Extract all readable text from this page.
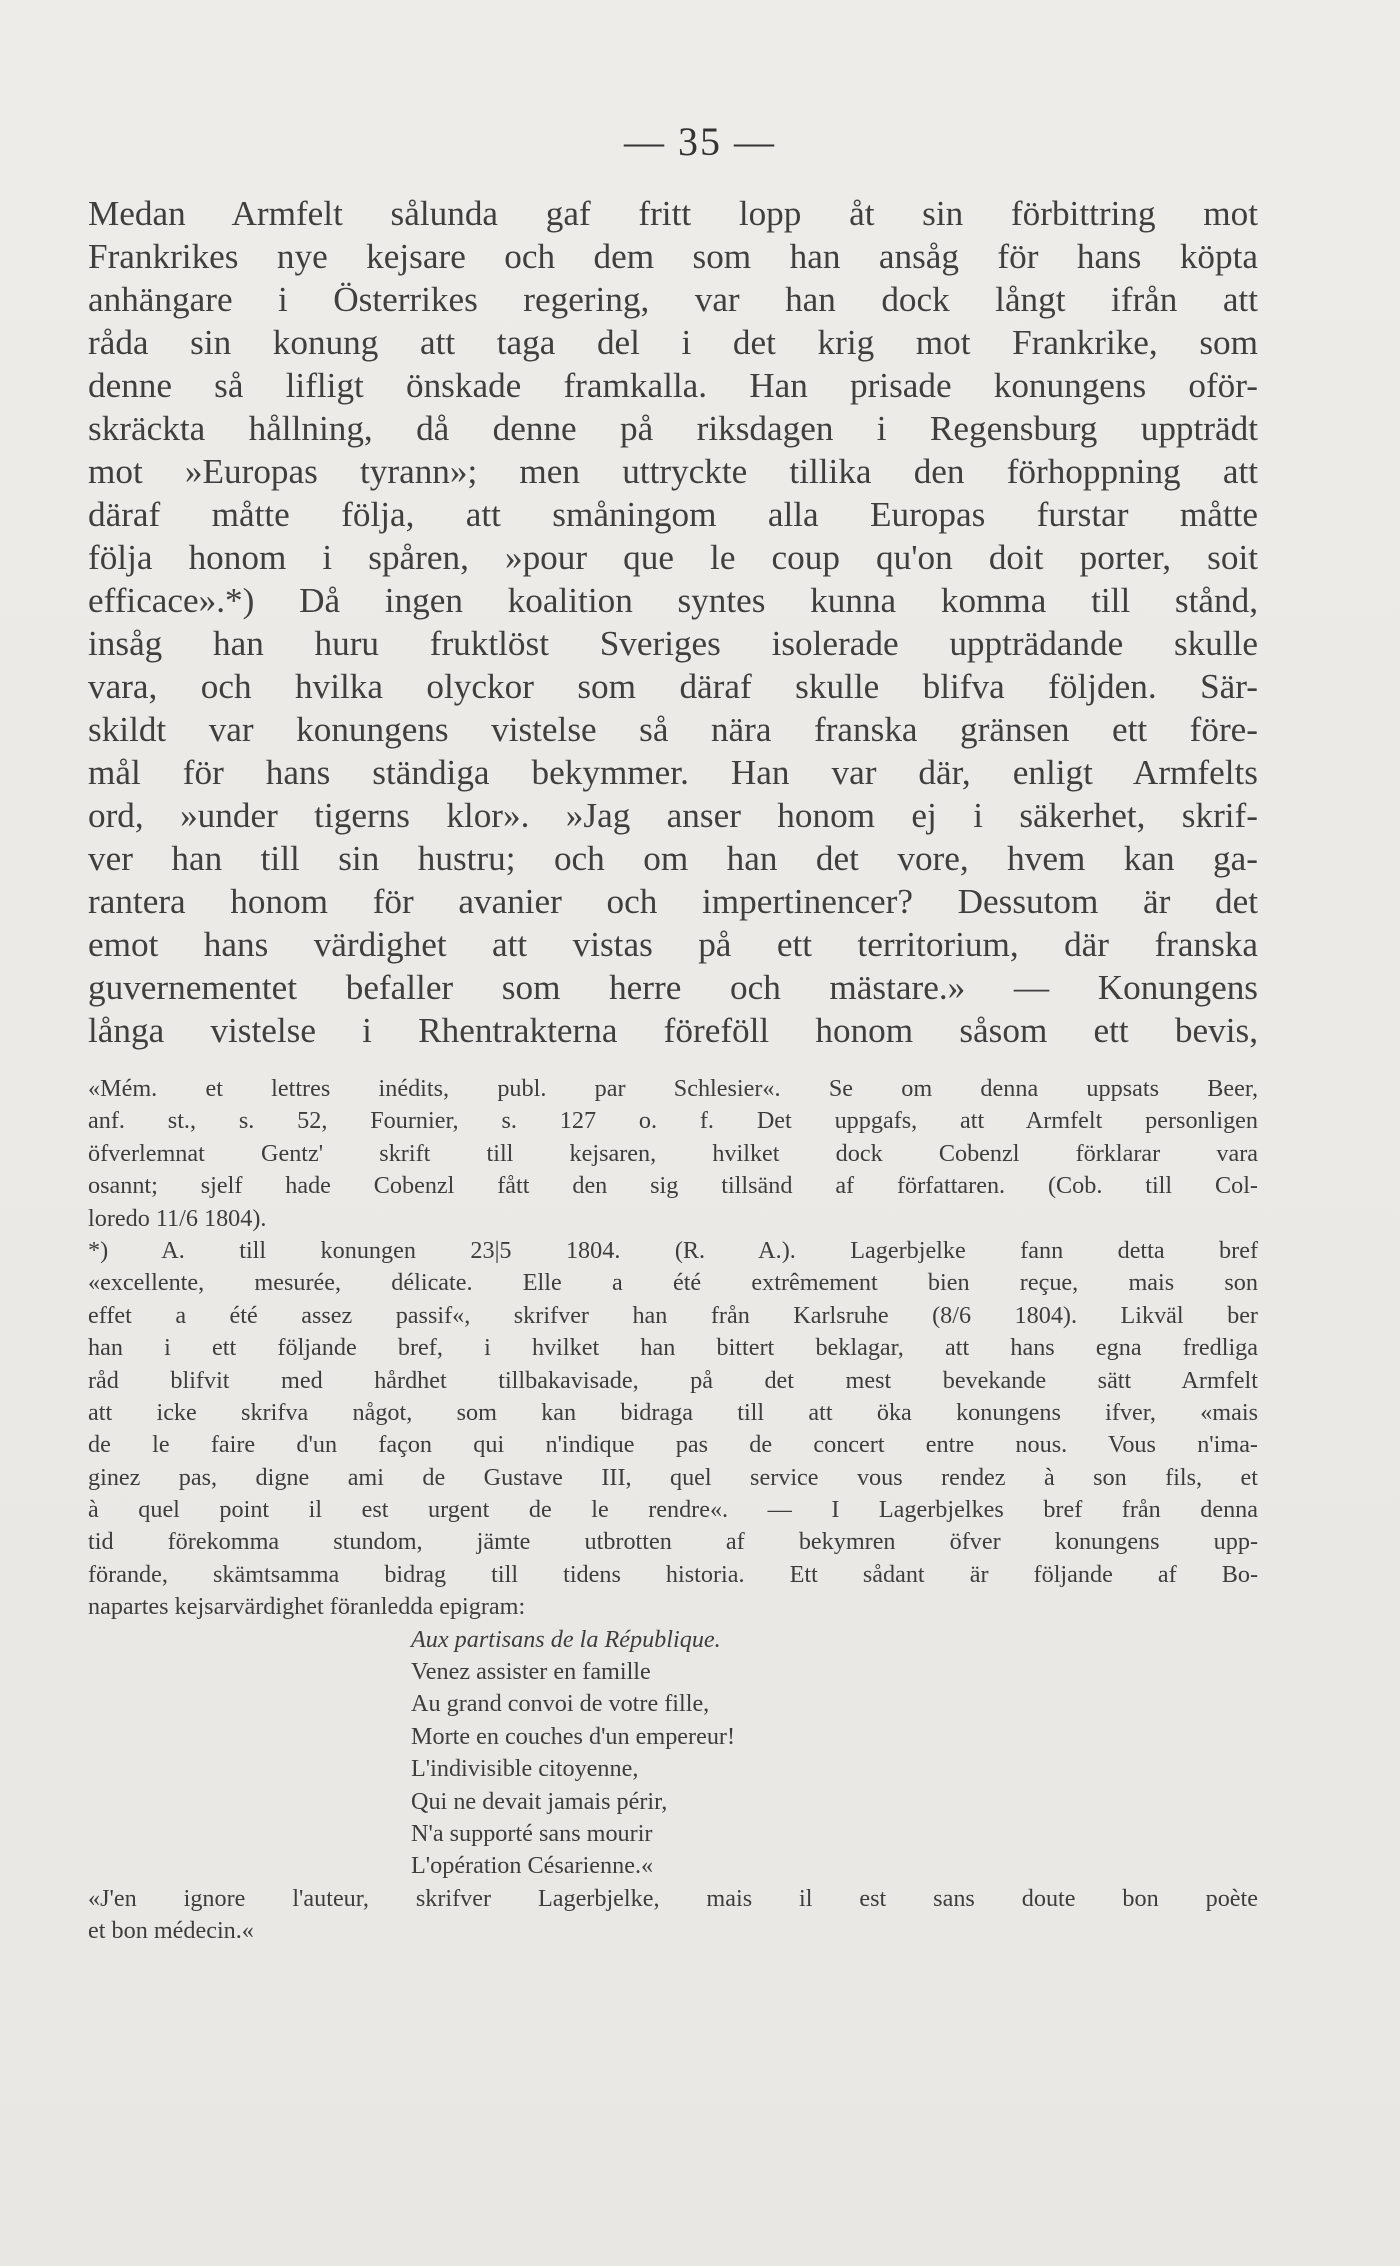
— 35 —
Medan Armfelt sålunda gaf fritt lopp åt sin förbittring mot
Frankrikes nye kejsare och dem som han ansåg för hans köpta
anhängare i Österrikes regering, var han dock långt ifrån att
råda sin konung att taga del i det krig mot Frankrike, som
denne så lifligt önskade framkalla. Han prisade konungens oför-
skräckta hållning, då denne på riksdagen i Regensburg uppträdt
mot »Europas tyrann»; men uttryckte tillika den förhoppning att
däraf måtte följa, att småningom alla Europas furstar måtte
följa honom i spåren, »pour que le coup qu'on doit porter, soit
efficace».*) Då ingen koalition syntes kunna komma till stånd,
insåg han huru fruktlöst Sveriges isolerade uppträdande skulle
vara, och hvilka olyckor som däraf skulle blifva följden. Sär-
skildt var konungens vistelse så nära franska gränsen ett före-
mål för hans ständiga bekymmer. Han var där, enligt Armfelts
ord, »under tigerns klor». »Jag anser honom ej i säkerhet, skrif-
ver han till sin hustru; och om han det vore, hvem kan ga-
rantera honom för avanier och impertinencer? Dessutom är det
emot hans värdighet att vistas på ett territorium, där franska
guvernementet befaller som herre och mästare.» — Konungens
långa vistelse i Rhentrakterna föreföll honom såsom ett bevis,
«Mém. et lettres inédits, publ. par Schlesier«. Se om denna uppsats Beer,
anf. st., s. 52, Fournier, s. 127 o. f. Det uppgafs, att Armfelt personligen
öfverlemnat Gentz' skrift till kejsaren, hvilket dock Cobenzl förklarar vara
osannt; sjelf hade Cobenzl fått den sig tillsänd af författaren. (Cob. till Col-
loredo 11/6 1804).
*) A. till konungen 23|5 1804. (R. A.). Lagerbjelke fann detta bref
«excellente, mesurée, délicate. Elle a été extrêmement bien reçue, mais son
effet a été assez passif«, skrifver han från Karlsruhe (8/6 1804). Likväl ber
han i ett följande bref, i hvilket han bittert beklagar, att hans egna fredliga
råd blifvit med hårdhet tillbakavisade, på det mest bevekande sätt Armfelt
att icke skrifva något, som kan bidraga till att öka konungens ifver, «mais
de le faire d'un façon qui n'indique pas de concert entre nous. Vous n'ima-
ginez pas, digne ami de Gustave III, quel service vous rendez à son fils, et
à quel point il est urgent de le rendre«. — I Lagerbjelkes bref från denna
tid förekomma stundom, jämte utbrotten af bekymren öfver konungens upp-
förande, skämtsamma bidrag till tidens historia. Ett sådant är följande af Bo-
napartes kejsarvärdighet föranledda epigram:
Aux partisans de la République.
Venez assister en famille
Au grand convoi de votre fille,
Morte en couches d'un empereur!
L'indivisible citoyenne,
Qui ne devait jamais périr,
N'a supporté sans mourir
L'opération Césarienne.«
«J'en ignore l'auteur, skrifver Lagerbjelke, mais il est sans doute bon poète
et bon médecin.«
